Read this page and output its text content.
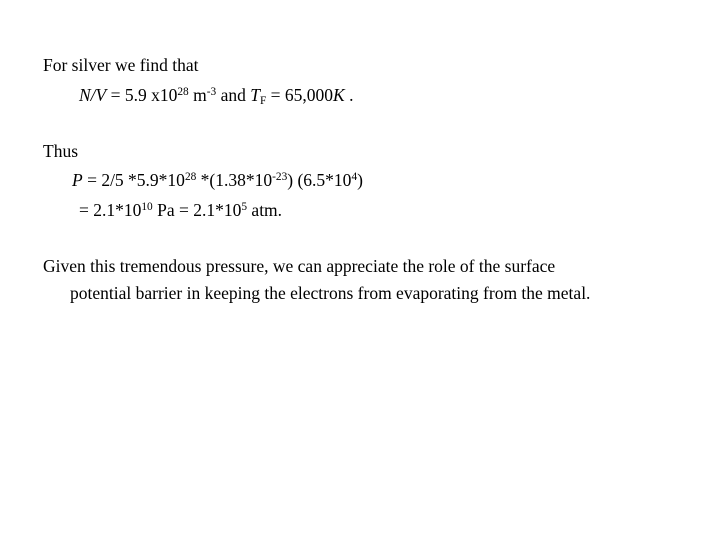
For silver we find that
N/V = 5.9 $x10^{28}$ $m^{-3}$ and $T_F = 65,000K$ .
Thus
P = 2/5 $*5.9*10^{28}$ $*(1.38*10^{-23})$ $(6.5*10^4)$
= $2.1*10^{10}$ $Pa = 2.1*10^5$ atm.
Given this tremendous pressure, we can appreciate the role of the surface
potential barrier in keeping the electrons from evaporating from the metal.
